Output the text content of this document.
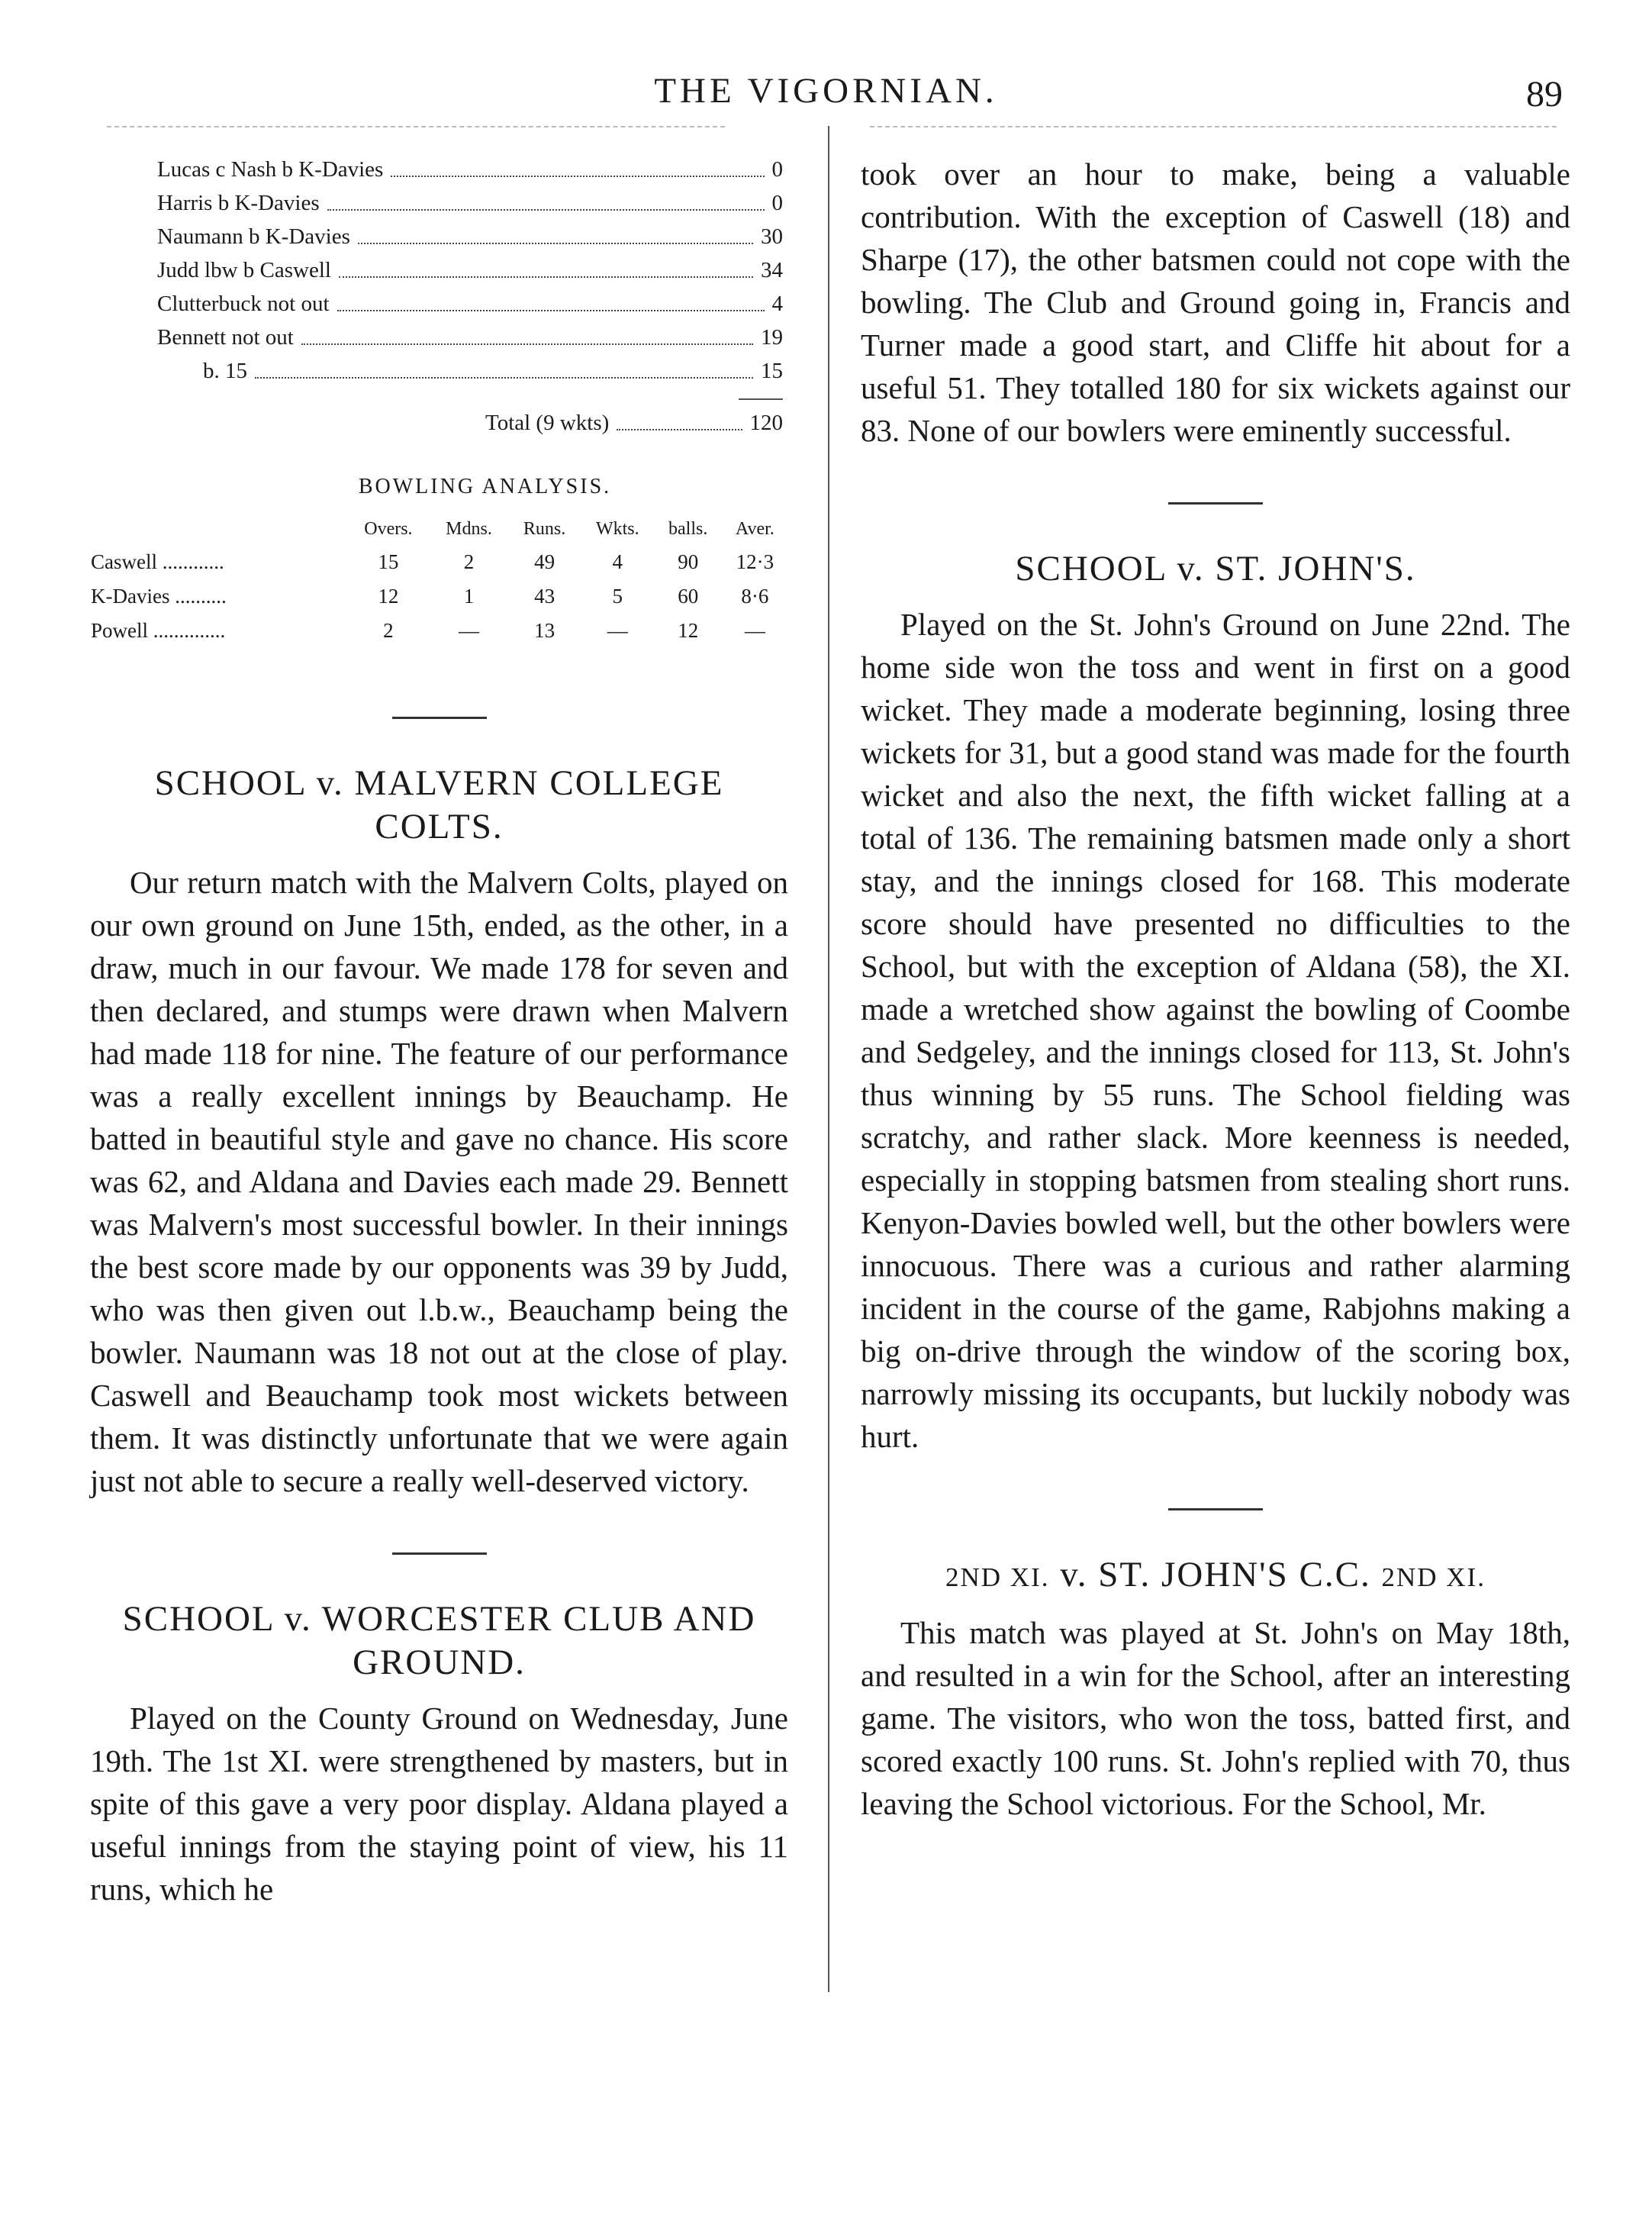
THE VIGORNIAN.	89
Lucas c Nash b K-Davies	0
Harris b K-Davies	0
Naumann b K-Davies	30
Judd lbw b Caswell	34
Clutterbuck not out	4
Bennett not out	19
b. 15	15
Total (9 wkts)	120
BOWLING ANALYSIS.
	Overs.	Mdns.	Runs.	Wkts.	balls.	Aver.
Caswell ............	15	2	49	4	90	12·3
K-Davies ..........	12	1	43	5	60	8·6
Powell ..............	2	—	13	—	12	—
SCHOOL v. MALVERN COLLEGE COLTS.

Our return match with the Malvern Colts, played on our own ground on June 15th, ended, as the other, in a draw, much in our favour. We made 178 for seven and then declared, and stumps were drawn when Malvern had made 118 for nine. The feature of our performance was a really excellent innings by Beauchamp. He batted in beautiful style and gave no chance. His score was 62, and Aldana and Davies each made 29. Bennett was Malvern's most successful bowler. In their innings the best score made by our opponents was 39 by Judd, who was then given out l.b.w., Beauchamp being the bowler. Naumann was 18 not out at the close of play. Caswell and Beauchamp took most wickets between them. It was distinctly unfortunate that we were again just not able to secure a really well-deserved victory.

SCHOOL v. WORCESTER CLUB AND GROUND.

Played on the County Ground on Wednesday, June 19th. The 1st XI. were strengthened by masters, but in spite of this gave a very poor display. Aldana played a useful innings from the staying point of view, his 11 runs, which he

took over an hour to make, being a valuable contribution. With the exception of Caswell (18) and Sharpe (17), the other batsmen could not cope with the bowling. The Club and Ground going in, Francis and Turner made a good start, and Cliffe hit about for a useful 51. They totalled 180 for six wickets against our 83. None of our bowlers were eminently successful.

SCHOOL v. ST. JOHN'S.

Played on the St. John's Ground on June 22nd. The home side won the toss and went in first on a good wicket. They made a moderate beginning, losing three wickets for 31, but a good stand was made for the fourth wicket and also the next, the fifth wicket falling at a total of 136. The remaining batsmen made only a short stay, and the innings closed for 168. This moderate score should have presented no difficulties to the School, but with the exception of Aldana (58), the XI. made a wretched show against the bowling of Coombe and Sedgeley, and the innings closed for 113, St. John's thus winning by 55 runs. The School fielding was scratchy, and rather slack. More keenness is needed, especially in stopping batsmen from stealing short runs. Kenyon-Davies bowled well, but the other bowlers were innocuous. There was a curious and rather alarming incident in the course of the game, Rabjohns making a big on-drive through the window of the scoring box, narrowly missing its occupants, but luckily nobody was hurt.

2ND XI. v. ST. JOHN'S C.C. 2ND XI.

This match was played at St. John's on May 18th, and resulted in a win for the School, after an interesting game. The visitors, who won the toss, batted first, and scored exactly 100 runs. St. John's replied with 70, thus leaving the School victorious. For the School, Mr.
